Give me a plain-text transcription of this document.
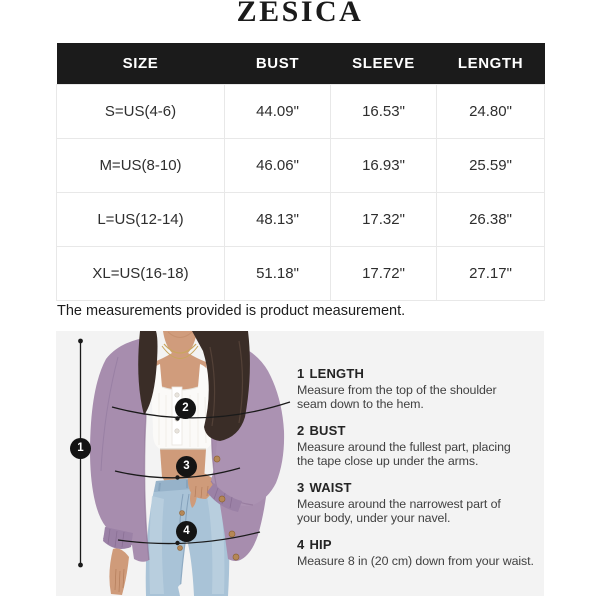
ZESICA
SIZE	BUST	SLEEVE	LENGTH
S=US(4-6)	44.09"	16.53"	24.80"
M=US(8-10)	46.06"	16.93"	25.59"
L=US(12-14)	48.13"	17.32"	26.38"
XL=US(16-18)	51.18"	17.72"	27.17"
The measurements provided is product measurement.
1
2
3
4
1 LENGTH
Measure from the top of the shoulder
seam down to the hem.
2 BUST
Measure around the fullest part, placing
the tape close up under the arms.
3 WAIST
Measure around the narrowest part of
your body, under your navel.
4 HIP
Measure 8 in (20 cm) down from your waist.
